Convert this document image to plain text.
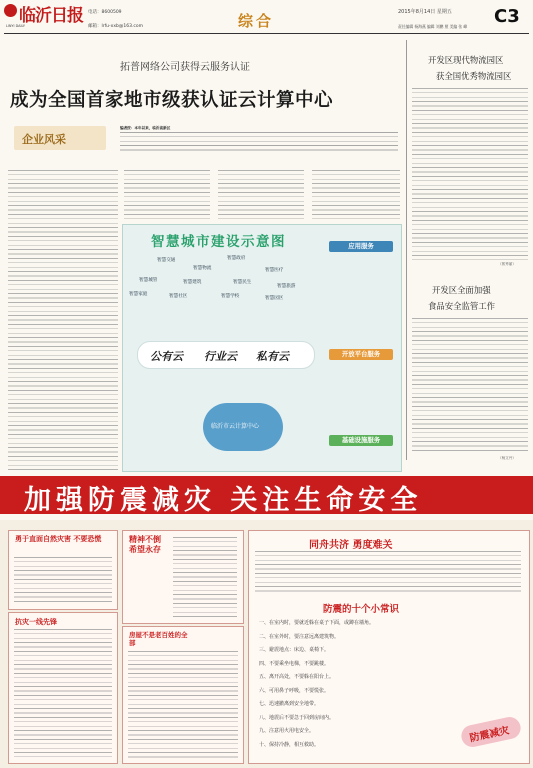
临沂日报
LINYI DAILY
电话：8600509
邮箱：lrfu-xxb@163.com	综合	2015年8月14日 星期五 C3
责任编辑 杨海燕 编辑 刘鹏 照 美编 张 峰
拓普网络公司获得云服务认证
成为全国首家地市级获认证云计算中心
企业风采
编者按：本年以来，临沂高新区
智慧城市建设示意图
智慧交通	智慧政府
智慧物流	智慧医疗
智慧城管	智慧建筑	智慧民生
智慧旅游
智慧家庭	智慧社区	智慧学校	智慧园区
公有云 行业云 私有云
临沂市云计算中心
应用服务
开放平台服务
基础设施服务
开发区现代物流园区
获全国优秀物流园区
（郭秀丽）
开发区全面加强
食品安全监管工作
（杨文丹）
加强防震减灾 关注生命安全
勇于直面自然灾害 不要恐慌
抗灾一线先锋
精神不倒 希望永存
房屋不是老百姓的全部
同舟共济 勇度难关
防震的十个小常识
一、在室内时，要就近躲在桌子下面，或蹲在墙角。
二、在室外时，要注意远离建筑物。
三、避震地点：床边、桌椅下。
四、不要乘坐电梯，不要跳楼。
五、离开高处，不要躲在阳台上。
六、可用鼻子呼吸，不要慌张。
七、迅速撤离到安全地带。
八、地震后不要急于回到房间内。
九、注意用火用电安全。
十、保持冷静，相互救助。
防震减灾
